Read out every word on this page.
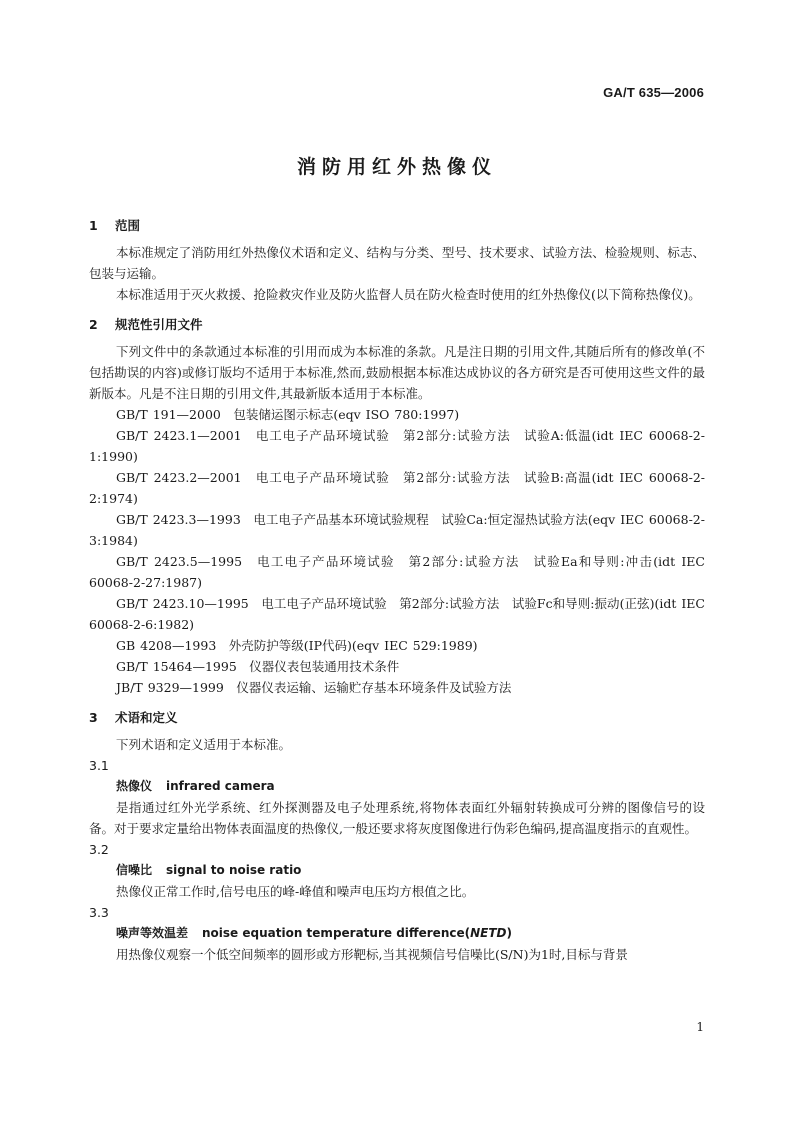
GA/T 635—2006
消防用红外热像仪

1 范围

本标准规定了消防用红外热像仪术语和定义、结构与分类、型号、技术要求、试验方法、检验规则、标志、包装与运输。

本标准适用于灭火救援、抢险救灾作业及防火监督人员在防火检查时使用的红外热像仪(以下简称热像仪)。

2 规范性引用文件

下列文件中的条款通过本标准的引用而成为本标准的条款。凡是注日期的引用文件,其随后所有的修改单(不包括勘误的内容)或修订版均不适用于本标准,然而,鼓励根据本标准达成协议的各方研究是否可使用这些文件的最新版本。凡是不注日期的引用文件,其最新版本适用于本标准。

GB/T 191—2000　包装储运图示标志(eqv ISO 780:1997)

GB/T 2423.1—2001　电工电子产品环境试验　第2部分:试验方法　试验A:低温(idt IEC 60068-2-1:1990)

GB/T 2423.2—2001　电工电子产品环境试验　第2部分:试验方法　试验B:高温(idt IEC 60068-2-2:1974)

GB/T 2423.3—1993　电工电子产品基本环境试验规程　试验Ca:恒定湿热试验方法(eqv IEC 60068-2-3:1984)

GB/T 2423.5—1995　电工电子产品环境试验　第2部分:试验方法　试验Ea和导则:冲击(idt IEC 60068-2-27:1987)

GB/T 2423.10—1995　电工电子产品环境试验　第2部分:试验方法　试验Fc和导则:振动(正弦)(idt IEC 60068-2-6:1982)

GB 4208—1993　外壳防护等级(IP代码)(eqv IEC 529:1989)

GB/T 15464—1995　仪器仪表包装通用技术条件

JB/T 9329—1999　仪器仪表运输、运输贮存基本环境条件及试验方法

3 术语和定义

下列术语和定义适用于本标准。

3.1

热像仪 infrared camera

是指通过红外光学系统、红外探测器及电子处理系统,将物体表面红外辐射转换成可分辨的图像信号的设备。对于要求定量给出物体表面温度的热像仪,一般还要求将灰度图像进行伪彩色编码,提高温度指示的直观性。

3.2

信噪比 signal to noise ratio

热像仪正常工作时,信号电压的峰-峰值和噪声电压均方根值之比。

3.3

噪声等效温差 noise equation temperature difference(NETD)

用热像仪观察一个低空间频率的圆形或方形靶标,当其视频信号信噪比(S/N)为1时,目标与背景

1
